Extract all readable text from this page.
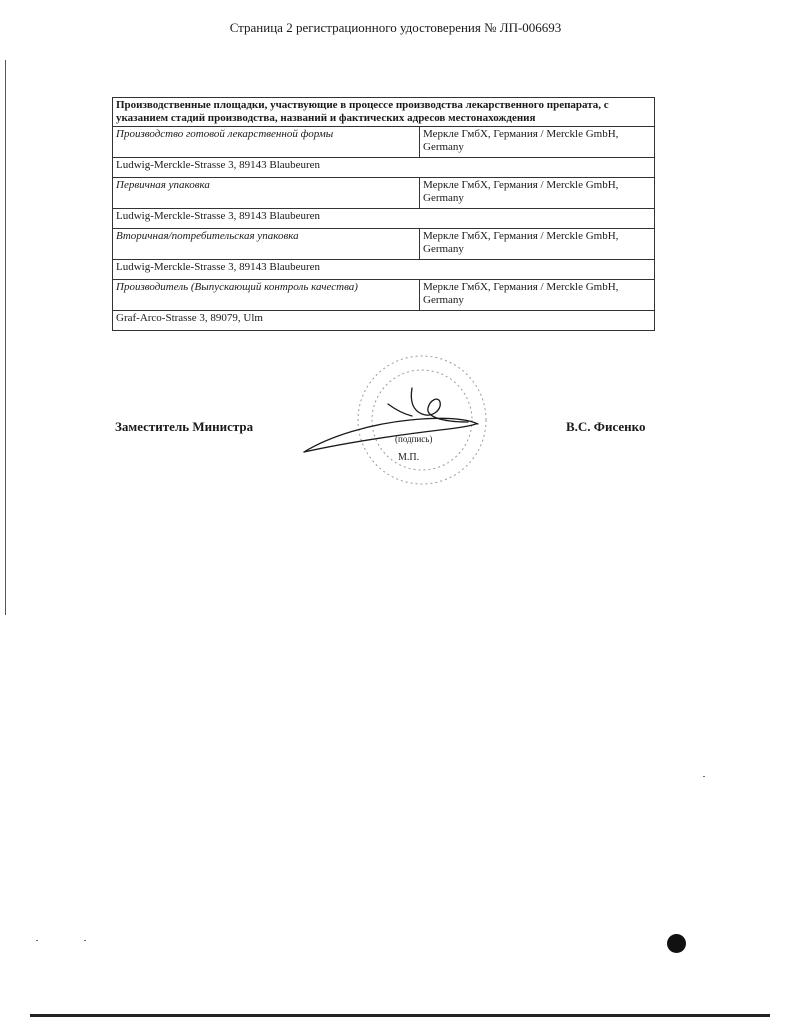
Страница 2 регистрационного удостоверения № ЛП-006693
Производственные площадки, участвующие в процессе производства лекарственного препарата, с указанием стадий производства, названий и фактических адресов местонахождения	
Производство готовой лекарственной формы	Меркле ГмбХ, Германия / Merckle GmbH, Germany
Ludwig-Merckle-Strasse 3, 89143 Blaubeuren	
Первичная упаковка	Меркле ГмбХ, Германия / Merckle GmbH, Germany
Ludwig-Merckle-Strasse 3, 89143 Blaubeuren	
Вторичная/потребительская упаковка	Меркле ГмбХ, Германия / Merckle GmbH, Germany
Ludwig-Merckle-Strasse 3, 89143 Blaubeuren	
Производитель (Выпускающий контроль качества)	Меркле ГмбХ, Германия / Merckle GmbH, Germany
Graf-Arco-Strasse 3, 89079, Ulm	
Заместитель Министра
(подпись)
М.П.
В.С. Фисенко
